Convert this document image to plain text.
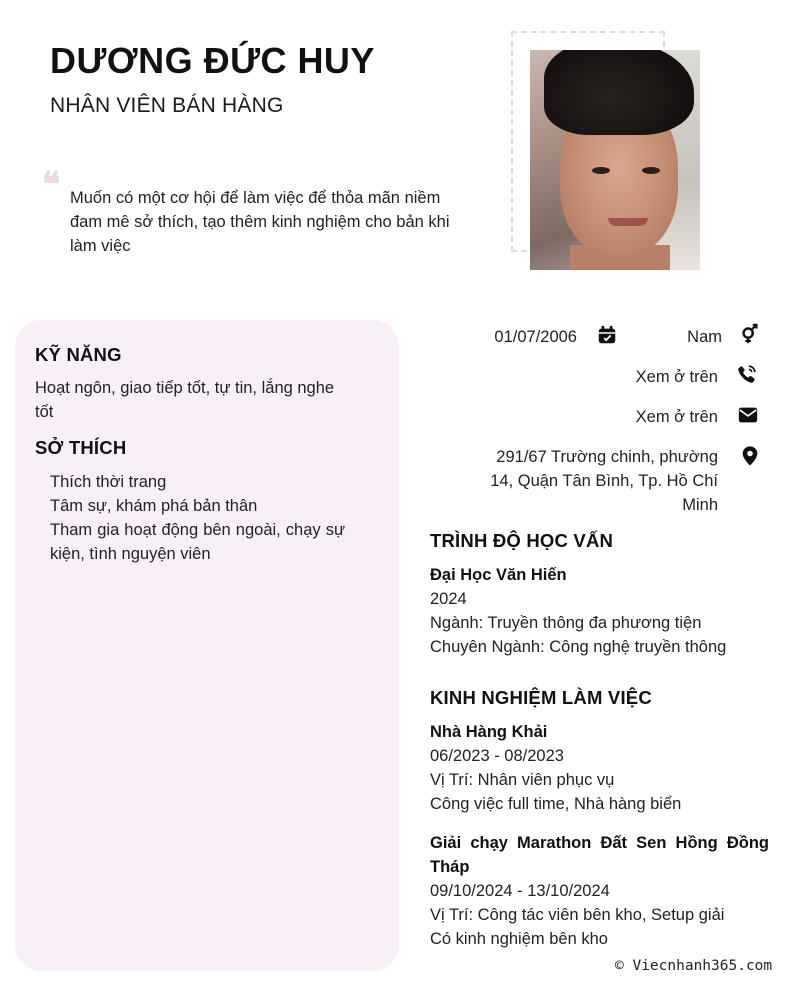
DƯƠNG ĐỨC HUY
NHÂN VIÊN BÁN HÀNG
❝ Muốn có một cơ hội để làm việc để thỏa mãn niềm đam mê sở thích, tạo thêm kinh nghiệm cho bản khi làm việc

KỸ NĂNG

Hoạt ngôn, giao tiếp tốt, tự tin, lắng nghe tốt

SỞ THÍCH
Thích thời trang
Tâm sự, khám phá bản thân
Tham gia hoạt động bên ngoài, chạy sự kiện, tình nguyện viên
01/07/2006	Nam
Xem ở trên
Xem ở trên
291/67 Trường chinh, phường 14, Quận Tân Bình, Tp. Hồ Chí Minh
TRÌNH ĐỘ HỌC VẤN
Đại Học Văn Hiến
2024
Ngành: Truyền thông đa phương tiện
Chuyên Ngành: Công nghệ truyền thông
KINH NGHIỆM LÀM VIỆC
Nhà Hàng Khải
06/2023 - 08/2023
Vị Trí: Nhân viên phục vụ
Công việc full time, Nhà hàng biển
Giải chạy Marathon Đất Sen Hồng Đồng Tháp
09/10/2024 - 13/10/2024
Vị Trí: Công tác viên bên kho, Setup giải
Có kinh nghiệm bên kho
© Viecnhanh365.com
